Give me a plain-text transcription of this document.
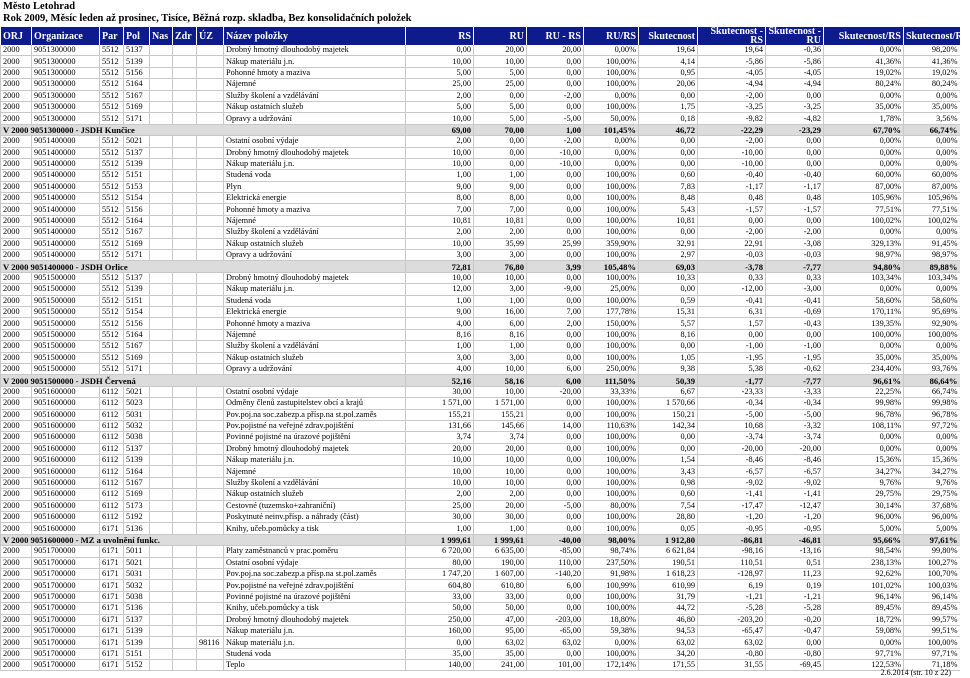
Město Letohrad
Rok 2009, Měsíc leden až prosinec, Tisíce, Běžná rozp. skladba, Bez konsolidačních položek
ORJ	Organizace	Par	Pol	Nas	Zdr	ÚZ	Název položky	RS	RU	RU - RS	RU/RS	Skutecnost	Skutecnost - RS	Skutecnost - RU	Skutecnost/RS	Skutecnost/RU
2000	9051300000	5512	5137				Drobný hmotný dlouhodobý majetek	0,00	20,00	20,00	0,00%	19,64	19,64	-0,36	0,00%	98,20%
2000	9051300000	5512	5139				Nákup materiálu j.n.	10,00	10,00	0,00	100,00%	4,14	-5,86	-5,86	41,36%	41,36%
2000	9051300000	5512	5156				Pohonné hmoty a maziva	5,00	5,00	0,00	100,00%	0,95	-4,05	-4,05	19,02%	19,02%
2000	9051300000	5512	5164				Nájemné	25,00	25,00	0,00	100,00%	20,06	-4,94	-4,94	80,24%	80,24%
2000	9051300000	5512	5167				Služby školení a vzdělávání	2,00	0,00	-2,00	0,00%	0,00	-2,00	0,00	0,00%	0,00%
2000	9051300000	5512	5169				Nákup ostatních služeb	5,00	5,00	0,00	100,00%	1,75	-3,25	-3,25	35,00%	35,00%
2000	9051300000	5512	5171				Opravy a udržování	10,00	5,00	-5,00	50,00%	0,18	-9,82	-4,82	1,78%	3,56%
V 2000 9051300000 - JSDH Kunčice								69,00	70,00	1,00	101,45%	46,72	-22,29	-23,29	67,70%	66,74%
2000	9051400000	5512	5021				Ostatní osobní výdaje	2,00	0,00	-2,00	0,00%	0,00	-2,00	0,00	0,00%	0,00%
2000	9051400000	5512	5137				Drobný hmotný dlouhodobý majetek	10,00	0,00	-10,00	0,00%	0,00	-10,00	0,00	0,00%	0,00%
2000	9051400000	5512	5139				Nákup materiálu j.n.	10,00	0,00	-10,00	0,00%	0,00	-10,00	0,00	0,00%	0,00%
2000	9051400000	5512	5151				Studená voda	1,00	1,00	0,00	100,00%	0,60	-0,40	-0,40	60,00%	60,00%
2000	9051400000	5512	5153				Plyn	9,00	9,00	0,00	100,00%	7,83	-1,17	-1,17	87,00%	87,00%
2000	9051400000	5512	5154				Elektrická energie	8,00	8,00	0,00	100,00%	8,48	0,48	0,48	105,96%	105,96%
2000	9051400000	5512	5156				Pohonné hmoty a maziva	7,00	7,00	0,00	100,00%	5,43	-1,57	-1,57	77,51%	77,51%
2000	9051400000	5512	5164				Nájemné	10,81	10,81	0,00	100,00%	10,81	0,00	0,00	100,02%	100,02%
2000	9051400000	5512	5167				Služby školení a vzdělávání	2,00	2,00	0,00	100,00%	0,00	-2,00	-2,00	0,00%	0,00%
2000	9051400000	5512	5169				Nákup ostatních služeb	10,00	35,99	25,99	359,90%	32,91	22,91	-3,08	329,13%	91,45%
2000	9051400000	5512	5171				Opravy a udržování	3,00	3,00	0,00	100,00%	2,97	-0,03	-0,03	98,97%	98,97%
V 2000 9051400000 - JSDH Orlice								72,81	76,80	3,99	105,48%	69,03	-3,78	-7,77	94,80%	89,88%
2000	9051500000	5512	5137				Drobný hmotný dlouhodobý majetek	10,00	10,00	0,00	100,00%	10,33	0,33	0,33	103,34%	103,34%
2000	9051500000	5512	5139				Nákup materiálu j.n.	12,00	3,00	-9,00	25,00%	0,00	-12,00	-3,00	0,00%	0,00%
2000	9051500000	5512	5151				Studená voda	1,00	1,00	0,00	100,00%	0,59	-0,41	-0,41	58,60%	58,60%
2000	9051500000	5512	5154				Elektrická energie	9,00	16,00	7,00	177,78%	15,31	6,31	-0,69	170,11%	95,69%
2000	9051500000	5512	5156				Pohonné hmoty a maziva	4,00	6,00	2,00	150,00%	5,57	1,57	-0,43	139,35%	92,90%
2000	9051500000	5512	5164				Nájemné	8,16	8,16	0,00	100,00%	8,16	0,00	0,00	100,00%	100,00%
2000	9051500000	5512	5167				Služby školení a vzdělávání	1,00	1,00	0,00	100,00%	0,00	-1,00	-1,00	0,00%	0,00%
2000	9051500000	5512	5169				Nákup ostatních služeb	3,00	3,00	0,00	100,00%	1,05	-1,95	-1,95	35,00%	35,00%
2000	9051500000	5512	5171				Opravy a udržování	4,00	10,00	6,00	250,00%	9,38	5,38	-0,62	234,40%	93,76%
V 2000 9051500000 - JSDH Červená								52,16	58,16	6,00	111,50%	50,39	-1,77	-7,77	96,61%	86,64%
2000	9051600000	6112	5021				Ostatní osobní výdaje	30,00	10,00	-20,00	33,33%	6,67	-23,33	-3,33	22,25%	66,74%
2000	9051600000	6112	5023				Odměny členů zastupitelstev obcí a krajů	1 571,00	1 571,00	0,00	100,00%	1 570,66	-0,34	-0,34	99,98%	99,98%
2000	9051600000	6112	5031				Pov.poj.na soc.zabezp.a přísp.na st.pol.zaměs	155,21	155,21	0,00	100,00%	150,21	-5,00	-5,00	96,78%	96,78%
2000	9051600000	6112	5032				Pov.pojistné na veřejné zdrav.pojištění	131,66	145,66	14,00	110,63%	142,34	10,68	-3,32	108,11%	97,72%
2000	9051600000	6112	5038				Povinné pojistné na úrazové pojištění	3,74	3,74	0,00	100,00%	0,00	-3,74	-3,74	0,00%	0,00%
2000	9051600000	6112	5137				Drobný hmotný dlouhodobý majetek	20,00	20,00	0,00	100,00%	0,00	-20,00	-20,00	0,00%	0,00%
2000	9051600000	6112	5139				Nákup materiálu j.n.	10,00	10,00	0,00	100,00%	1,54	-8,46	-8,46	15,36%	15,36%
2000	9051600000	6112	5164				Nájemné	10,00	10,00	0,00	100,00%	3,43	-6,57	-6,57	34,27%	34,27%
2000	9051600000	6112	5167				Služby školení a vzdělávání	10,00	10,00	0,00	100,00%	0,98	-9,02	-9,02	9,76%	9,76%
2000	9051600000	6112	5169				Nákup ostatních služeb	2,00	2,00	0,00	100,00%	0,60	-1,41	-1,41	29,75%	29,75%
2000	9051600000	6112	5173				Cestovné (tuzemsko+zahraniční)	25,00	20,00	-5,00	80,00%	7,54	-17,47	-12,47	30,14%	37,68%
2000	9051600000	6112	5192				Poskytnuté neinv.přísp. a náhrady (část)	30,00	30,00	0,00	100,00%	28,80	-1,20	-1,20	96,00%	96,00%
2000	9051600000	6171	5136				Knihy, učeb.pomůcky a tisk	1,00	1,00	0,00	100,00%	0,05	-0,95	-0,95	5,00%	5,00%
V 2000 9051600000 - MZ a uvolnění funkc.								1 999,61	1 999,61	-40,00	98,00%	1 912,80	-86,81	-46,81	95,66%	97,61%
2000	9051700000	6171	5011				Platy zaměstnanců v prac.poměru	6 720,00	6 635,00	-85,00	98,74%	6 621,84	-98,16	-13,16	98,54%	99,80%
2000	9051700000	6171	5021				Ostatní osobní výdaje	80,00	190,00	110,00	237,50%	190,51	110,51	0,51	238,13%	100,27%
2000	9051700000	6171	5031				Pov.poj.na soc.zabezp.a přísp.na st.pol.zaměs	1 747,20	1 607,00	-140,20	91,98%	1 618,23	-128,97	11,23	92,62%	100,70%
2000	9051700000	6171	5032				Pov.pojistné na veřejné zdrav.pojištění	604,80	610,80	6,00	100,99%	610,99	6,19	0,19	101,02%	100,03%
2000	9051700000	6171	5038				Povinné pojistné na úrazové pojištění	33,00	33,00	0,00	100,00%	31,79	-1,21	-1,21	96,14%	96,14%
2000	9051700000	6171	5136				Knihy, učeb.pomůcky a tisk	50,00	50,00	0,00	100,00%	44,72	-5,28	-5,28	89,45%	89,45%
2000	9051700000	6171	5137				Drobný hmotný dlouhodobý majetek	250,00	47,00	-203,00	18,80%	46,80	-203,20	-0,20	18,72%	99,57%
2000	9051700000	6171	5139				Nákup materiálu j.n.	160,00	95,00	-65,00	59,38%	94,53	-65,47	-0,47	59,08%	99,51%
2000	9051700000	6171	5139			98116	Nákup materiálu j.n.	0,00	63,02	63,02	0,00%	63,02	63,02	0,00	0,00%	100,00%
2000	9051700000	6171	5151				Studená voda	35,00	35,00	0,00	100,00%	34,20	-0,80	-0,80	97,71%	97,71%
2000	9051700000	6171	5152				Teplo	140,00	241,00	101,00	172,14%	171,55	31,55	-69,45	122,53%	71,18%
2.6.2014 (str. 10 z 22)
